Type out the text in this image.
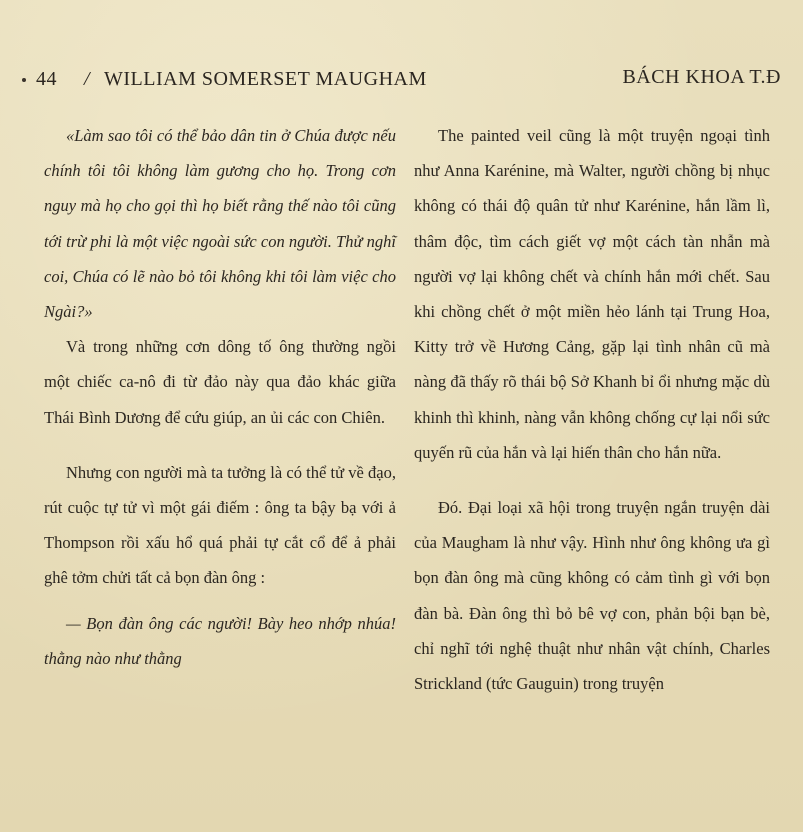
44 / WILLIAM SOMERSET MAUGHAM	BÁCH KHOA T.Đ

«Làm sao tôi có thể bảo dân tin ở Chúa được nếu chính tôi tôi không làm gương cho họ. Trong cơn nguy mà họ cho gọi thì họ biết rằng thế nào tôi cũng tới trừ phi là một việc ngoài sức con người. Thử nghĩ coi, Chúa có lẽ nào bỏ tôi không khi tôi làm việc cho Ngài?»

Và trong những cơn dông tố ông thường ngồi một chiếc ca-nô đi từ đảo này qua đảo khác giữa Thái Bình Dương để cứu giúp, an ủi các con Chiên.

Nhưng con người mà ta tưởng là có thể tử về đạo, rút cuộc tự tử vì một gái điếm : ông ta bậy bạ với ả Thompson rồi xấu hổ quá phải tự cắt cổ để ả phải ghê tởm chửi tất cả bọn đàn ông :

— Bọn đàn ông các người! Bày heo nhớp nhúa! thằng nào như thằng

The painted veil cũng là một truyện ngoại tình như Anna Karénine, mà Walter, người chồng bị nhục không có thái độ quân tử như Karénine, hắn lầm lì, thâm độc, tìm cách giết vợ một cách tàn nhẫn mà người vợ lại không chết và chính hắn mới chết. Sau khi chồng chết ở một miền hẻo lánh tại Trung Hoa, Kitty trở về Hương Cảng, gặp lại tình nhân cũ mà nàng đã thấy rõ thái bộ Sở Khanh bỉ ổi nhưng mặc dù khinh thì khinh, nàng vẫn không chống cự lại nổi sức quyến rũ của hắn và lại hiến thân cho hắn nữa.

Đó. Đại loại xã hội trong truyện ngắn truyện dài của Maugham là như vậy. Hình như ông không ưa gì bọn đàn ông mà cũng không có cảm tình gì với bọn đàn bà. Đàn ông thì bỏ bê vợ con, phản bội bạn bè, chỉ nghĩ tới nghệ thuật như nhân vật chính, Charles Strickland (tức Gauguin) trong truyện
